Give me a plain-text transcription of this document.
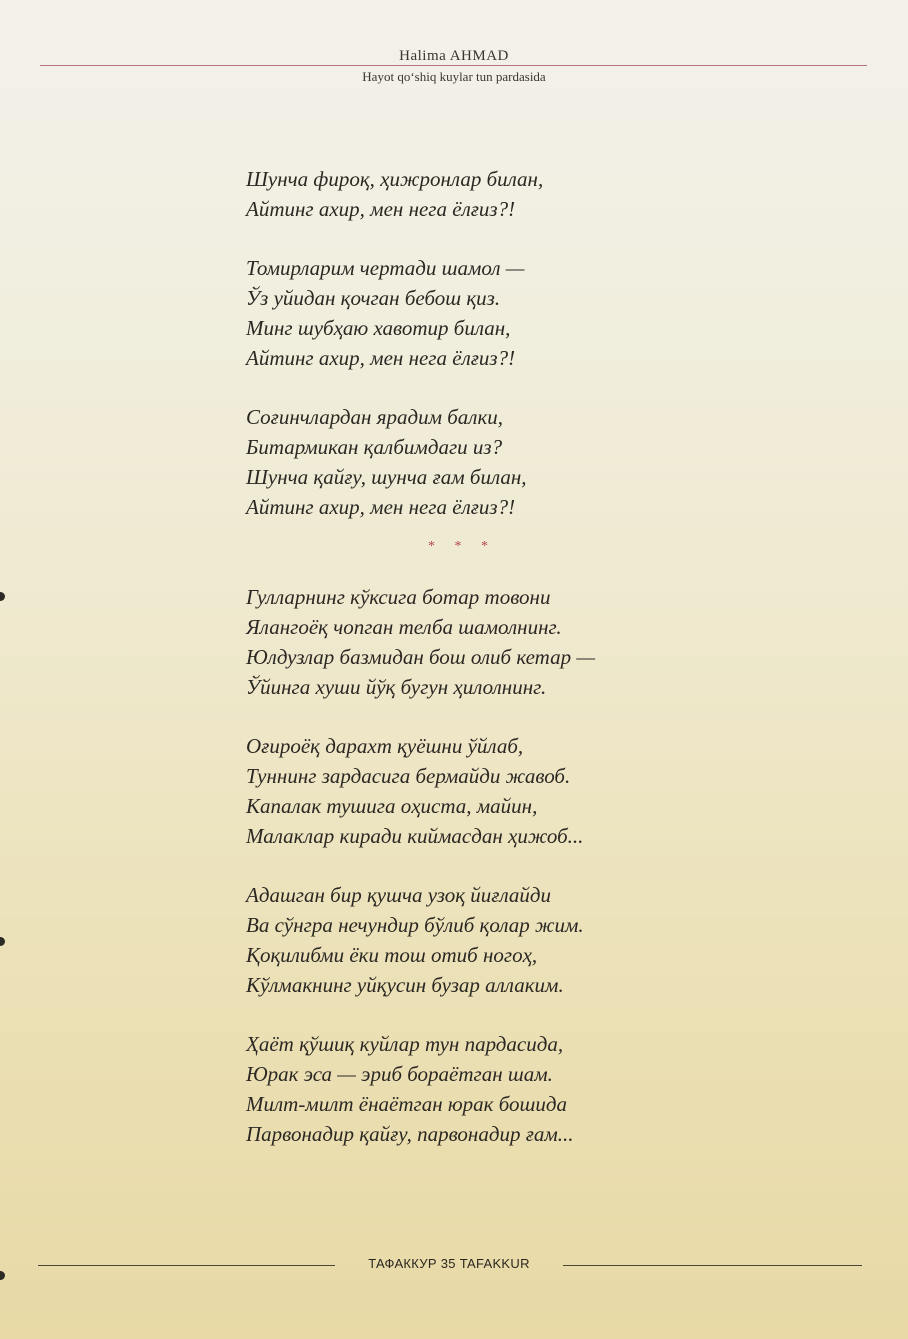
Halima AHMAD
Hayot qo‘shiq kuylar tun pardasida
Шунча фироқ, ҳижронлар билан,
Айтинг ахир, мен нега ёлғиз?!
Томирларим чертади шамол —
Ўз уйидан қочган бебош қиз.
Минг шубҳаю хавотир билан,
Айтинг ахир, мен нега ёлғиз?!
Соғинчлардан ярадим балки,
Битармикан қалбимдаги из?
Шунча қайғу, шунча ғам билан,
Айтинг ахир, мен нега ёлғиз?!
* * *
Гулларнинг кўксига ботар товони
Ялангоёқ чопган телба шамолнинг.
Юлдузлар базмидан бош олиб кетар —
Ўйинга хуши йўқ бугун ҳилолнинг.
Оғироёқ дарахт қуёшни ўйлаб,
Туннинг зардасига бермайди жавоб.
Капалак тушига оҳиста, майин,
Малаклар киради киймасдан ҳижоб...
Адашган бир қушча узоқ йиғлайди
Ва сўнгра нечундир бўлиб қолар жим.
Қоқилибми ёки тош отиб ногоҳ,
Кўлмакнинг уйқусин бузар аллаким.
Ҳаёт қўшиқ куйлар тун пардасида,
Юрак эса — эриб бораётган шам.
Милт-милт ёнаётган юрак бошида
Парвонадир қайғу, парвонадир ғам...
ТАФАККУР 35 TAFAKKUR
